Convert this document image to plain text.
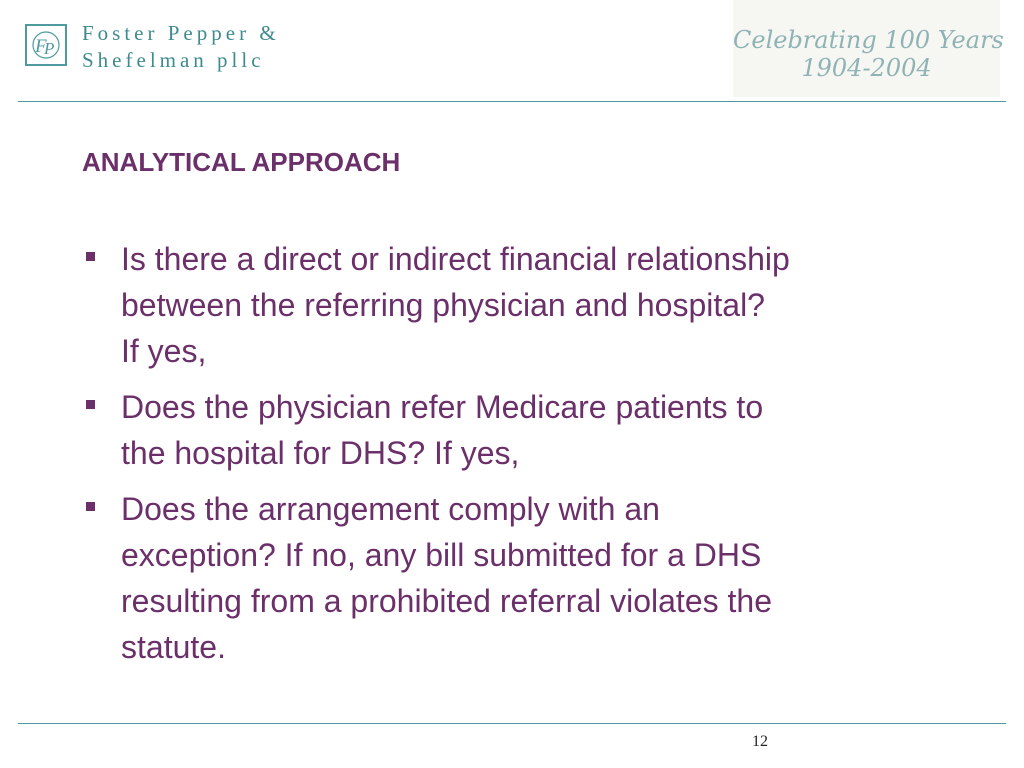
F
P
Foster Pepper &
Shefelman pllc
Celebrating 100 Years
1904-2004
ANALYTICAL APPROACH
Is there a direct or indirect financial relationship
between the referring physician and hospital?
If yes,
Does the physician refer Medicare patients to
the hospital for DHS? If yes,
Does the arrangement comply with an
exception? If no, any bill submitted for a DHS
resulting from a prohibited referral violates the
statute.
12
